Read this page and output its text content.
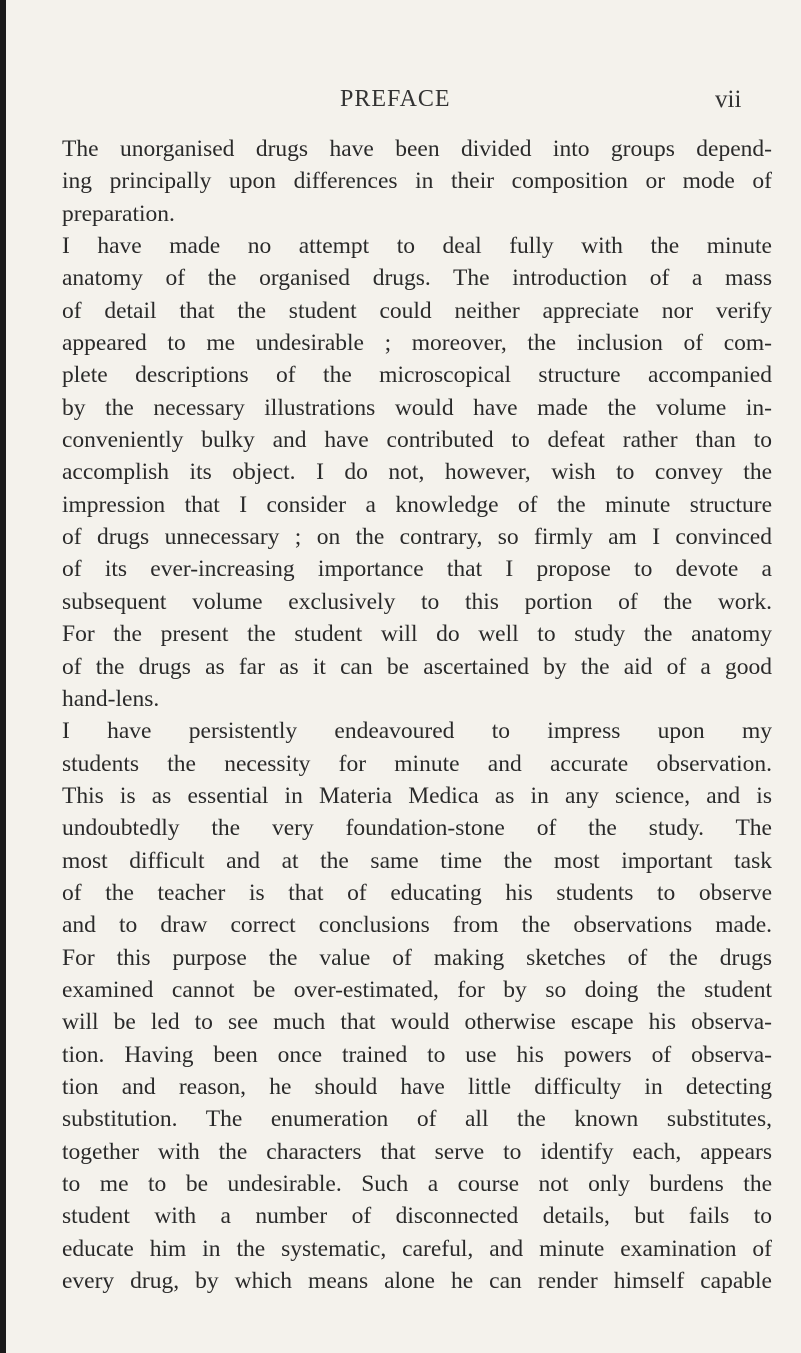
PREFACE	vii
The unorganised drugs have been divided into groups depend-
ing principally upon differences in their composition or mode of
preparation.
I have made no attempt to deal fully with the minute
anatomy of the organised drugs. The introduction of a mass
of detail that the student could neither appreciate nor verify
appeared to me undesirable ; moreover, the inclusion of com-
plete descriptions of the microscopical structure accompanied
by the necessary illustrations would have made the volume in-
conveniently bulky and have contributed to defeat rather than to
accomplish its object. I do not, however, wish to convey the
impression that I consider a knowledge of the minute structure
of drugs unnecessary ; on the contrary, so firmly am I convinced
of its ever-increasing importance that I propose to devote a
subsequent volume exclusively to this portion of the work.
For the present the student will do well to study the anatomy
of the drugs as far as it can be ascertained by the aid of a good
hand-lens.
I have persistently endeavoured to impress upon my
students the necessity for minute and accurate observation.
This is as essential in Materia Medica as in any science, and is
undoubtedly the very foundation-stone of the study. The
most difficult and at the same time the most important task
of the teacher is that of educating his students to observe
and to draw correct conclusions from the observations made.
For this purpose the value of making sketches of the drugs
examined cannot be over-estimated, for by so doing the student
will be led to see much that would otherwise escape his observa-
tion. Having been once trained to use his powers of observa-
tion and reason, he should have little difficulty in detecting
substitution. The enumeration of all the known substitutes,
together with the characters that serve to identify each, appears
to me to be undesirable. Such a course not only burdens the
student with a number of disconnected details, but fails to
educate him in the systematic, careful, and minute examination of
every drug, by which means alone he can render himself capable
